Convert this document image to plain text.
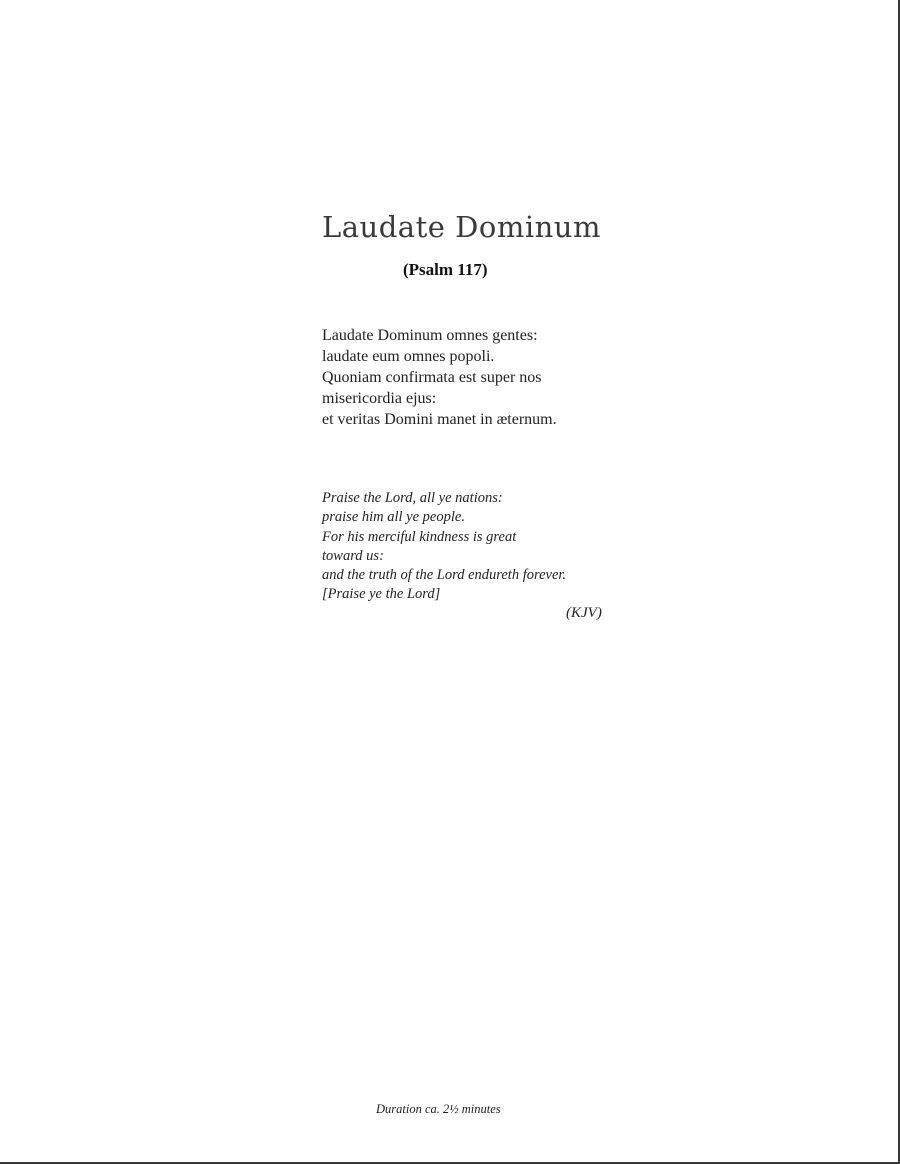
Laudate Dominum
(Psalm 117)
Laudate Dominum omnes gentes:
laudate eum omnes popoli.
Quoniam confirmata est super nos
misericordia ejus:
et veritas Domini manet in æternum.
Praise the Lord, all ye nations:
praise him all ye people.
For his merciful kindness is great
toward us:
and the truth of the Lord endureth forever.
[Praise ye the Lord]
(KJV)
Duration ca. 2½ minutes
